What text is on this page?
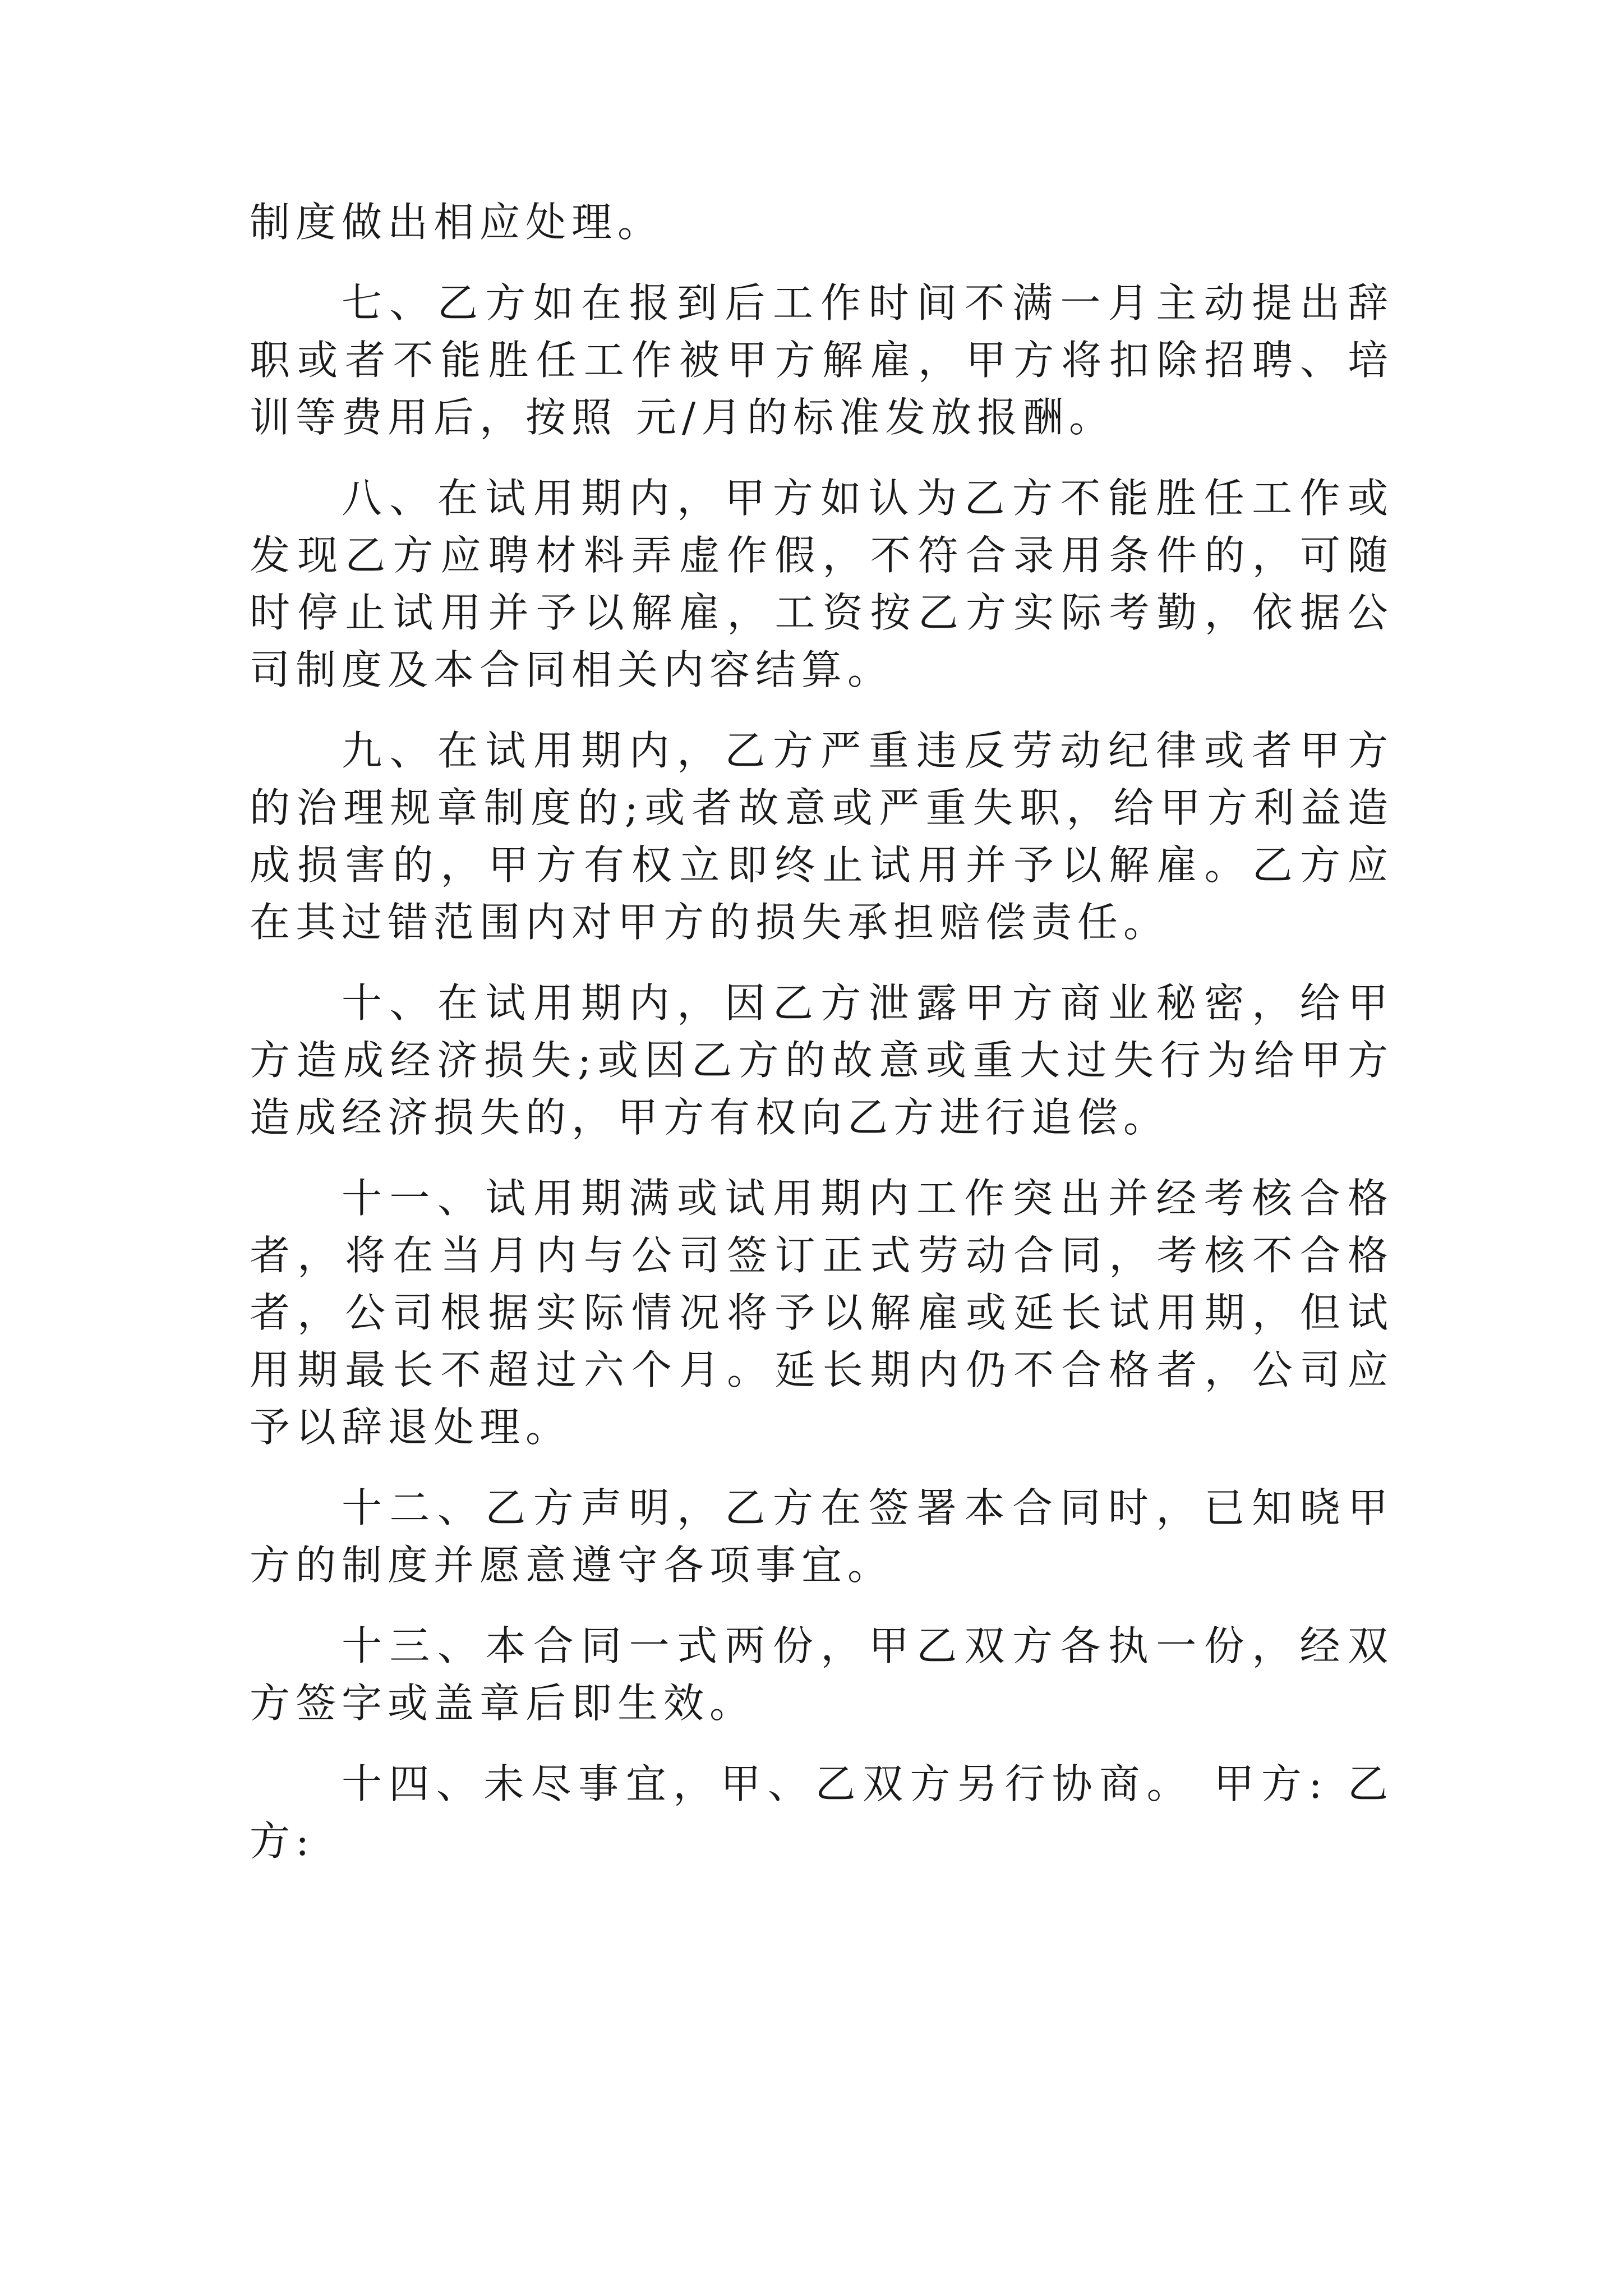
制度做出相应处理。

七、乙方如在报到后工作时间不满一月主动提出辞职或者不能胜任工作被甲方解雇，甲方将扣除招聘、培训等费用后，按照 元/月的标准发放报酬。

八、在试用期内，甲方如认为乙方不能胜任工作或发现乙方应聘材料弄虚作假，不符合录用条件的，可随时停止试用并予以解雇，工资按乙方实际考勤，依据公司制度及本合同相关内容结算。

九、在试用期内，乙方严重违反劳动纪律或者甲方的治理规章制度的;或者故意或严重失职，给甲方利益造成损害的，甲方有权立即终止试用并予以解雇。乙方应在其过错范围内对甲方的损失承担赔偿责任。

十、在试用期内，因乙方泄露甲方商业秘密，给甲方造成经济损失;或因乙方的故意或重大过失行为给甲方造成经济损失的，甲方有权向乙方进行追偿。

十一、试用期满或试用期内工作突出并经考核合格者，将在当月内与公司签订正式劳动合同，考核不合格者，公司根据实际情况将予以解雇或延长试用期，但试用期最长不超过六个月。延长期内仍不合格者，公司应予以辞退处理。

十二、乙方声明，乙方在签署本合同时，已知晓甲方的制度并愿意遵守各项事宜。

十三、本合同一式两份，甲乙双方各执一份，经双方签字或盖章后即生效。

十四、未尽事宜，甲、乙双方另行协商。 甲方: 乙方:
